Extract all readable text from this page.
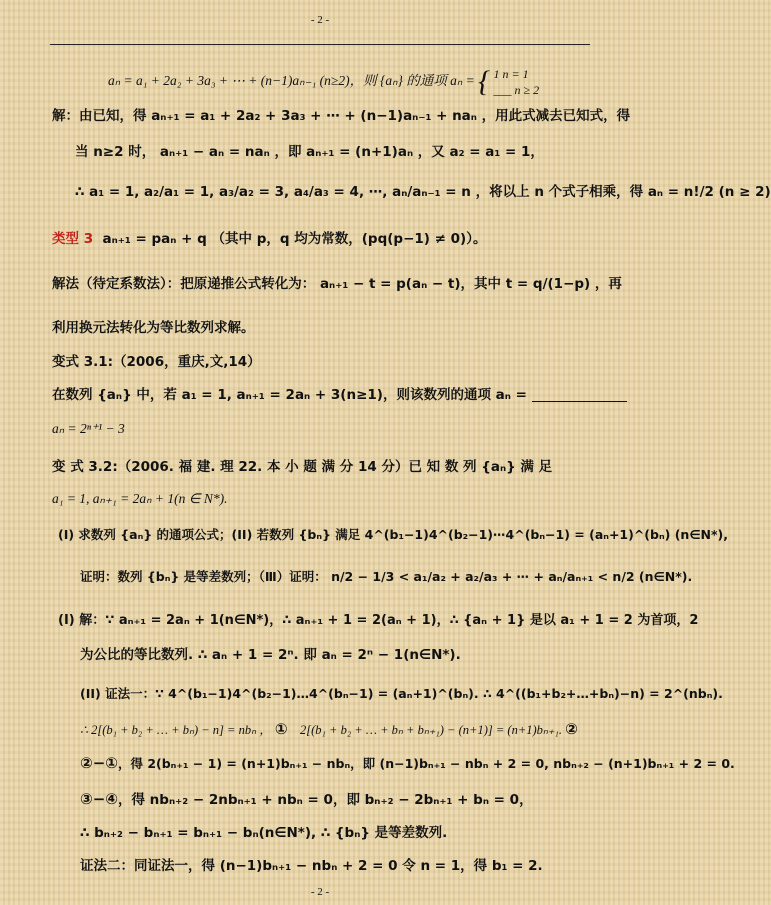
- 2 -
aₙ = a₁ + 2a₂ + 3a₃ + ⋯ + (n−1)aₙ₋₁ (n≥2)，则 {aₙ} 的通项 aₙ = { 1 n = 1
___ n ≥ 2
解：由已知，得 aₙ₊₁ = a₁ + 2a₂ + 3a₃ + ⋯ + (n−1)aₙ₋₁ + naₙ ，用此式减去已知式，得
当 n≥2 时， aₙ₊₁ − aₙ = naₙ ，即 aₙ₊₁ = (n+1)aₙ ，又 a₂ = a₁ = 1，
∴ a₁ = 1, a₂/a₁ = 1, a₃/a₂ = 3, a₄/a₃ = 4, ⋯, aₙ/aₙ₋₁ = n ，将以上 n 个式子相乘，得 aₙ = n!/2 (n ≥ 2)
类型 3 aₙ₊₁ = paₙ + q （其中 p，q 均为常数，(pq(p−1) ≠ 0)）。
解法（待定系数法）：把原递推公式转化为： aₙ₊₁ − t = p(aₙ − t)，其中 t = q/(1−p) ，再
利用换元法转化为等比数列求解。
变式 3.1:（2006，重庆,文,14）
在数列 {aₙ} 中，若 a₁ = 1, aₙ₊₁ = 2aₙ + 3(n≥1)，则该数列的通项 aₙ =
aₙ = 2ⁿ⁺¹ − 3
变 式 3.2:（2006. 福 建. 理 22. 本 小 题 满 分 14 分）已 知 数 列 {aₙ} 满 足
a₁ = 1, aₙ₊₁ = 2aₙ + 1(n ∈ N*).
(I) 求数列 {aₙ} 的通项公式；(II) 若数列 {bₙ} 满足 4^(b₁−1)4^(b₂−1)⋯4^(bₙ−1) = (aₙ+1)^(bₙ) (n∈N*),
证明：数列 {bₙ} 是等差数列；（Ⅲ）证明： n/2 − 1/3 < a₁/a₂ + a₂/a₃ + ⋯ + aₙ/aₙ₊₁ < n/2 (n∈N*).
(I) 解：∵ aₙ₊₁ = 2aₙ + 1(n∈N*)，∴ aₙ₊₁ + 1 = 2(aₙ + 1)，∴ {aₙ + 1} 是以 a₁ + 1 = 2 为首项，2
为公比的等比数列. ∴ aₙ + 1 = 2ⁿ. 即 aₙ = 2ⁿ − 1(n∈N*).
(II) 证法一：∵ 4^(b₁−1)4^(b₂−1)…4^(bₙ−1) = (aₙ+1)^(bₙ). ∴ 4^((b₁+b₂+…+bₙ)−n) = 2^(nbₙ).
∴ 2[(b₁ + b₂ + … + bₙ) − n] = nbₙ ， ① 2[(b₁ + b₂ + … + bₙ + bₙ₊₁) − (n+1)] = (n+1)bₙ₊₁. ②
②−①，得 2(bₙ₊₁ − 1) = (n+1)bₙ₊₁ − nbₙ，即 (n−1)bₙ₊₁ − nbₙ + 2 = 0, nbₙ₊₂ − (n+1)bₙ₊₁ + 2 = 0.
③−④，得 nbₙ₊₂ − 2nbₙ₊₁ + nbₙ = 0，即 bₙ₊₂ − 2bₙ₊₁ + bₙ = 0，
∴ bₙ₊₂ − bₙ₊₁ = bₙ₊₁ − bₙ(n∈N*), ∴ {bₙ} 是等差数列.
证法二：同证法一，得 (n−1)bₙ₊₁ − nbₙ + 2 = 0 令 n = 1，得 b₁ = 2.
- 2 -
